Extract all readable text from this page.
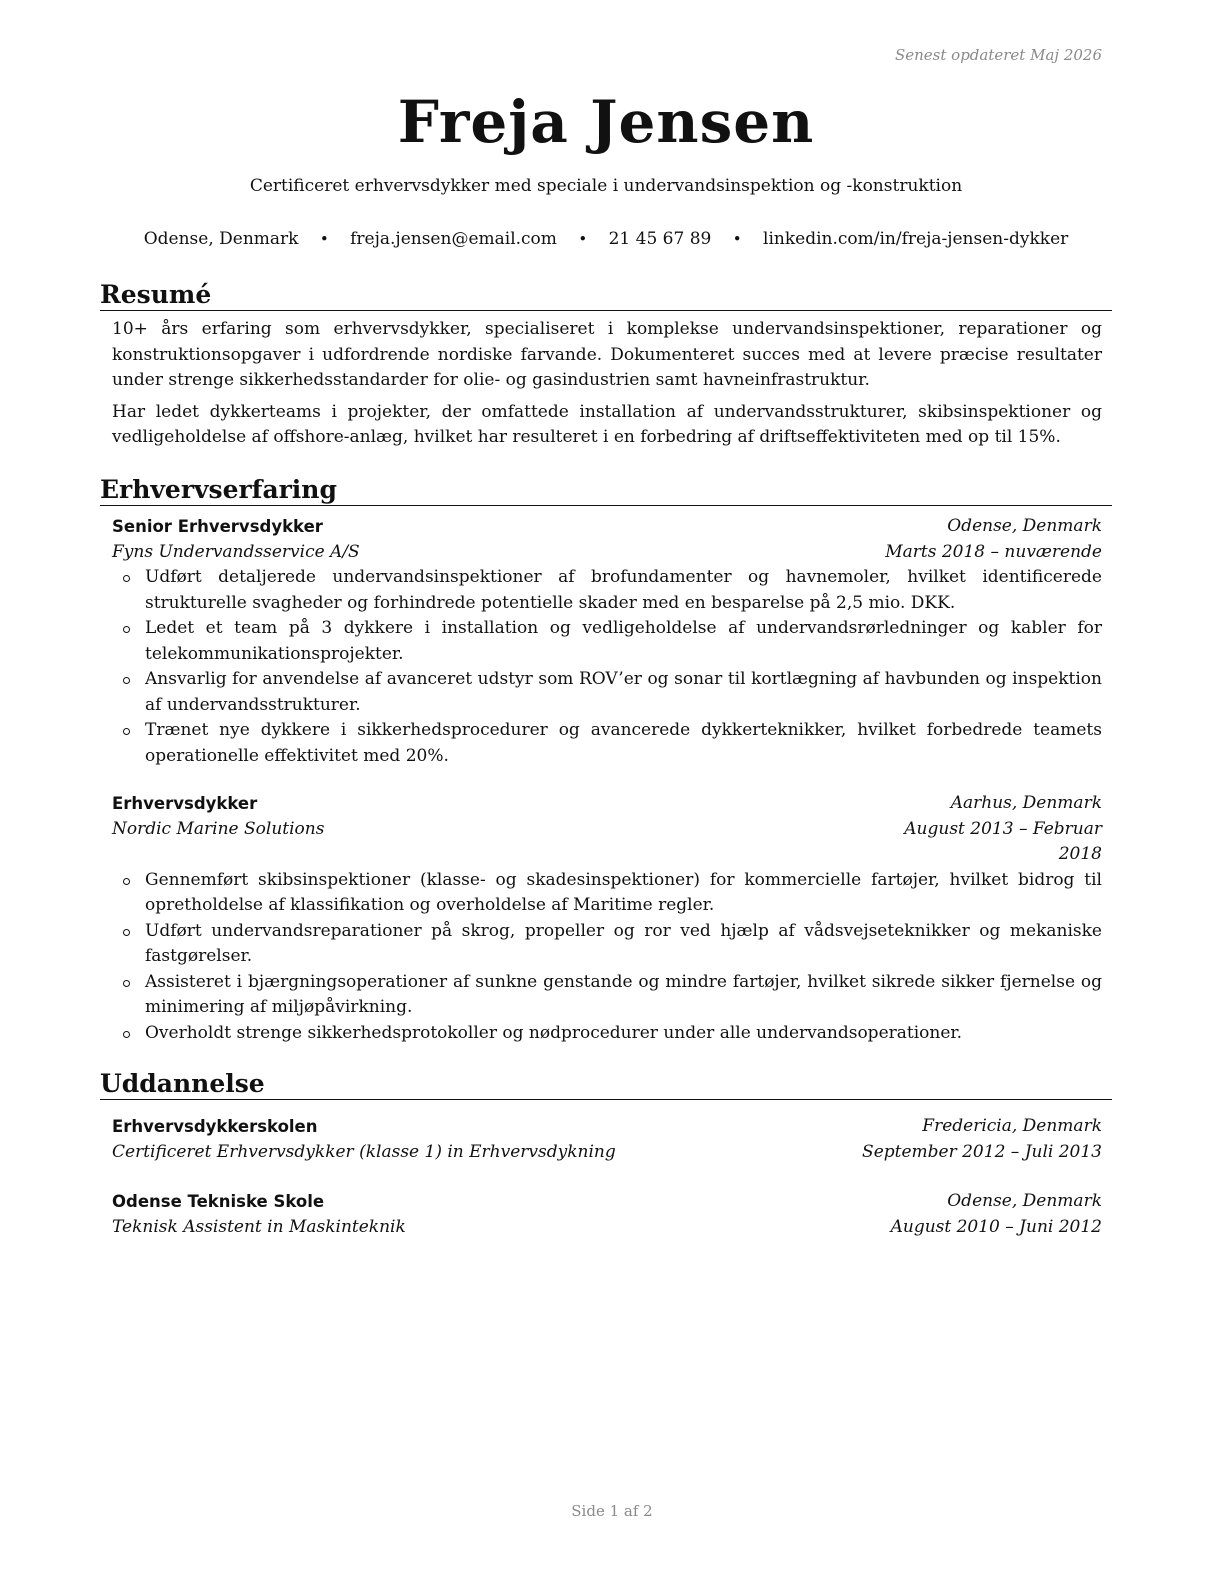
Senest opdateret Maj 2026
Freja Jensen
Certificeret erhvervsdykker med speciale i undervandsinspektion og -konstruktion
Odense, Denmark • freja.jensen@email.com • 21 45 67 89 • linkedin.com/in/freja-jensen-dykker
Resumé

10+ års erfaring som erhvervsdykker, specialiseret i komplekse undervandsinspektioner, reparationer og konstruktionsopgaver i udfordrende nordiske farvande. Dokumenteret succes med at levere præcise resultater under strenge sikkerhedsstandarder for olie- og gasindustrien samt havneinfrastruktur.

Har ledet dykkerteams i projekter, der omfattede installation af undervandsstrukturer, skibsinspektioner og vedligeholdelse af offshore-anlæg, hvilket har resulteret i en forbedring af driftseffektiviteten med op til 15%.

Erhvervserfaring
Senior Erhvervsdykker	Odense, Denmark
Fyns Undervandsservice A/S	Marts 2018 – nuværende
Udført detaljerede undervandsinspektioner af brofundamenter og havnemoler, hvilket identificerede strukturelle svagheder og forhindrede potentielle skader med en besparelse på 2,5 mio. DKK.
Ledet et team på 3 dykkere i installation og vedligeholdelse af undervandsrørledninger og kabler for telekommunikationsprojekter.
Ansvarlig for anvendelse af avanceret udstyr som ROV’er og sonar til kortlægning af havbunden og inspektion af undervandsstrukturer.
Trænet nye dykkere i sikkerhedsprocedurer og avancerede dykkerteknikker, hvilket forbedrede teamets operationelle effektivitet med 20%.
Erhvervsdykker	Aarhus, Denmark
Nordic Marine Solutions	August 2013 – Februar 2018
Gennemført skibsinspektioner (klasse- og skadesinspektioner) for kommercielle fartøjer, hvilket bidrog til opretholdelse af klassifikation og overholdelse af Maritime regler.
Udført undervandsreparationer på skrog, propeller og ror ved hjælp af vådsvejseteknikker og mekaniske fastgørelser.
Assisteret i bjærgningsoperationer af sunkne genstande og mindre fartøjer, hvilket sikrede sikker fjernelse og minimering af miljøpåvirkning.
Overholdt strenge sikkerhedsprotokoller og nødprocedurer under alle undervandsoperationer.
Uddannelse
Erhvervsdykkerskolen	Fredericia, Denmark
Certificeret Erhvervsdykker (klasse 1) in Erhvervsdykning	September 2012 – Juli 2013
Odense Tekniske Skole	Odense, Denmark
Teknisk Assistent in Maskinteknik	August 2010 – Juni 2012
Side 1 af 2
